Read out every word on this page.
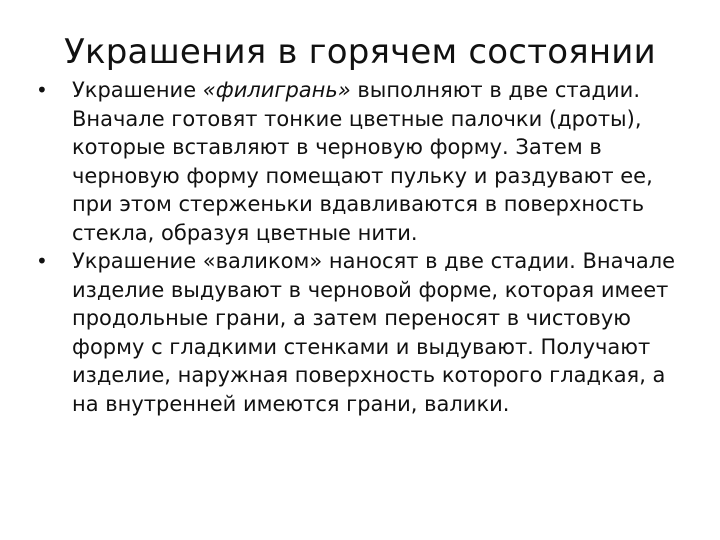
Украшения в горячем состоянии
• Украшение «филигрань» выполняют в две стадии. Вначале готовят тонкие цветные палочки (дроты), которые вставляют в черновую форму. Затем в черновую форму помещают пульку и раздувают ее, при этом стерженьки вдавливаются в поверхность стекла, образуя цветные нити.
• Украшение «валиком» наносят в две стадии. Вначале изделие выдувают в черновой форме, которая имеет продольные грани, а затем переносят в чистовую форму с гладкими стенками и выдувают. Получают изделие, наружная поверхность которого гладкая, а на внутренней имеются грани, валики.
